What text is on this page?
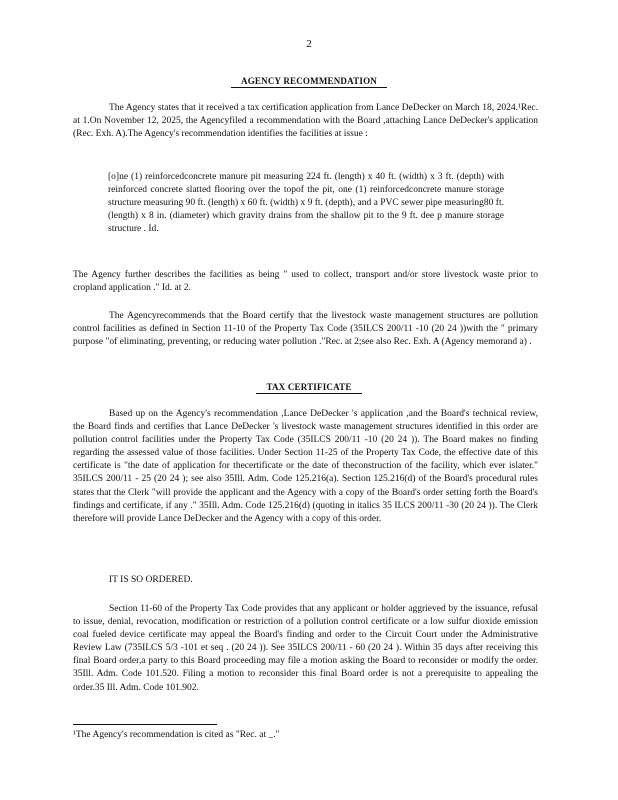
2
AGENCY RECOMMENDATION

The Agency states that it received a tax certification application from Lance DeDecker on March 18, 2024.¹Rec. at 1.On November 12, 2025, the Agencyfiled a recommendation with the Board ,attaching Lance DeDecker's application (Rec. Exh. A).The Agency's recommendation identifies the facilities at issue :

[o]ne (1) reinforcedconcrete manure pit measuring 224 ft. (length) x 40 ft. (width) x 3 ft. (depth) with reinforced concrete slatted flooring over the topof the pit, one (1) reinforcedconcrete manure storage structure measuring 90 ft. (length) x 60 ft. (width) x 9 ft. (depth), and a PVC sewer pipe measuring80 ft. (length) x 8 in. (diameter) which gravity drains from the shallow pit to the 9 ft. dee p manure storage structure . Id.

The Agency further describes the facilities as being " used to collect, transport and/or store livestock waste prior to cropland application ." Id. at 2.

The Agencyrecommends that the Board certify that the livestock waste management structures are pollution control facilities as defined in Section 11-10 of the Property Tax Code (35ILCS 200/11 -10 (20 24 ))with the " primary purpose "of eliminating, preventing, or reducing water pollution ."Rec. at 2;see also Rec. Exh. A (Agency memorand a) .

TAX CERTIFICATE

Based up on the Agency's recommendation ,Lance DeDecker 's application ,and the Board's technical review, the Board finds and certifies that Lance DeDecker 's livestock waste management structures identified in this order are pollution control facilities under the Property Tax Code (35ILCS 200/11 -10 (20 24 )). The Board makes no finding regarding the assessed value of those facilities. Under Section 11-25 of the Property Tax Code, the effective date of this certificate is "the date of application for thecertificate or the date of theconstruction of the facility, which ever islater." 35ILCS 200/11 - 25 (20 24 ); see also 35Ill. Adm. Code 125.216(a). Section 125.216(d) of the Board's procedural rules states that the Clerk "will provide the applicant and the Agency with a copy of the Board's order setting forth the Board's findings and certificate, if any ." 35Ill. Adm. Code 125.216(d) (quoting in italics 35 ILCS 200/11 -30 (20 24 )). The Clerk therefore will provide Lance DeDecker and the Agency with a copy of this order.

IT IS SO ORDERED.

Section 11-60 of the Property Tax Code provides that any applicant or holder aggrieved by the issuance, refusal to issue, denial, revocation, modification or restriction of a pollution control certificate or a low sulfur dioxide emission coal fueled device certificate may appeal the Board's finding and order to the Circuit Court under the Administrative Review Law (735ILCS 5/3 -101 et seq . (20 24 )). See 35ILCS 200/11 - 60 (20 24 ). Within 35 days after receiving this final Board order,a party to this Board proceeding may file a motion asking the Board to reconsider or modify the order. 35Ill. Adm. Code 101.520. Filing a motion to reconsider this final Board order is not a prerequisite to appealing the order.35 Ill. Adm. Code 101.902.

¹The Agency's recommendation is cited as "Rec. at _."
